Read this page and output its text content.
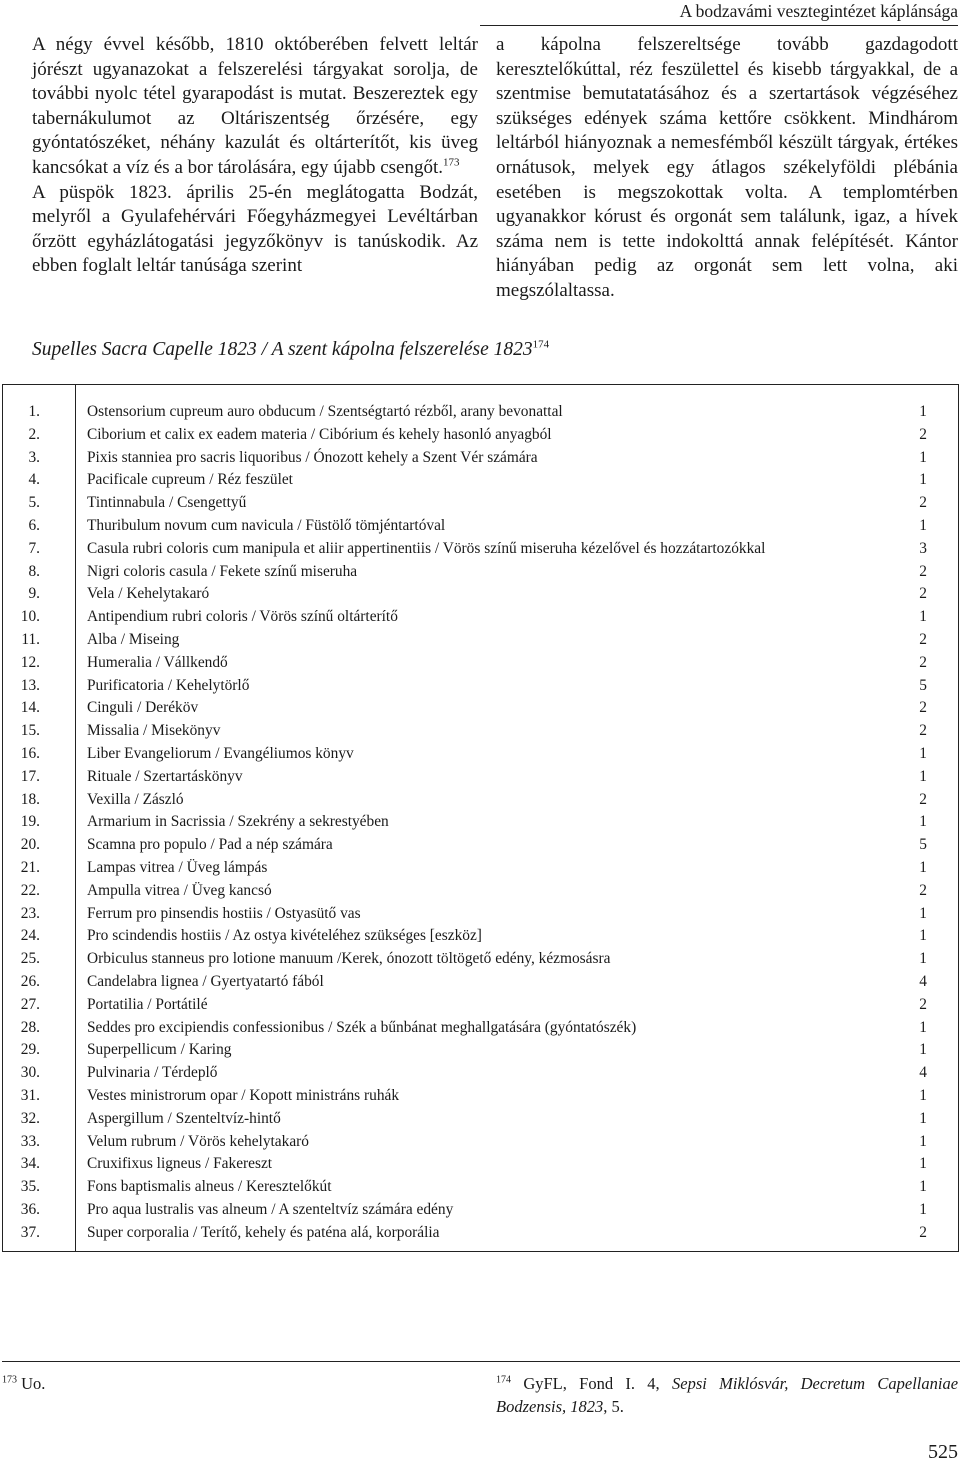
A bodzavámi vesztegintézet káplánsága

A négy évvel később, 1810 októberében felvett leltár jórészt ugyanazokat a felszerelési tárgyakat sorolja, de további nyolc tétel gyarapodást is mutat. Beszereztek egy tabernákulumot az Oltáriszentség őrzésére, egy gyóntatószéket, néhány kazulát és oltárterítőt, kis üveg kancsókat a víz és a bor tárolására, egy újabb csengőt.$^{173}$

A püspök 1823. április 25-én meglátogatta Bodzát, melyről a Gyulafehérvári Főegyházmegyei Levéltárban őrzött egyházlátogatási jegyzőkönyv is tanúskodik. Az ebben foglalt leltár tanúsága szerint

a kápolna felszereltsége tovább gazdagodott keresztelőkúttal, réz feszülettel és kisebb tárgyakkal, de a szentmise bemutatatásához és a szertartások végzéséhez szükséges edények száma kettőre csökkent. Mindhárom leltárból hiányoznak a nemesfémből készült tárgyak, értékes ornátusok, melyek egy átlagos székelyföldi plébánia esetében is megszokottak volta. A templomtérben ugyanakkor kórust és orgonát sem találunk, igaz, a hívek száma nem is tette indokolttá annak felépítését. Kántor hiányában pedig az orgonát sem lett volna, aki megszólaltassa.

Supelles Sacra Capelle 1823 / A szent kápolna felszerelése 1823$^{174}$
1.	Ostensorium cupreum auro obducum / Szentségtartó rézből, arany bevonattal	1
2.	Ciborium et calix ex eadem materia / Cibórium és kehely hasonló anyagból	2
3.	Pixis stanniea pro sacris liquoribus / Ónozott kehely a Szent Vér számára	1
4.	Pacificale cupreum / Réz feszület	1
5.	Tintinnabula / Csengettyű	2
6.	Thuribulum novum cum navicula / Füstölő tömjéntartóval	1
7.	Casula rubri coloris cum manipula et aliir appertinentiis / Vörös színű miseruha kézelővel és hozzátartozókkal	3
8.	Nigri coloris casula / Fekete színű miseruha	2
9.	Vela / Kehelytakaró	2
10.	Antipendium rubri coloris / Vörös színű oltárterítő	1
11.	Alba / Miseing	2
12.	Humeralia / Vállkendő	2
13.	Purificatoria / Kehelytörlő	5
14.	Cinguli / Deréköv	2
15.	Missalia / Misekönyv	2
16.	Liber Evangeliorum / Evangéliumos könyv	1
17.	Rituale / Szertartáskönyv	1
18.	Vexilla / Zászló	2
19.	Armarium in Sacrissia / Szekrény a sekrestyében	1
20.	Scamna pro populo / Pad a nép számára	5
21.	Lampas vitrea / Üveg lámpás	1
22.	Ampulla vitrea / Üveg kancsó	2
23.	Ferrum pro pinsendis hostiis / Ostyasütő vas	1
24.	Pro scindendis hostiis / Az ostya kivételéhez szükséges [eszköz]	1
25.	Orbiculus stanneus pro lotione manuum /Kerek, ónozott töltögető edény, kézmosásra	1
26.	Candelabra lignea / Gyertyatartó fából	4
27.	Portatilia / Portátilé	2
28.	Seddes pro excipiendis confessionibus / Szék a bűnbánat meghallgatására (gyóntatószék)	1
29.	Superpellicum / Karing	1
30.	Pulvinaria / Térdeplő	4
31.	Vestes ministrorum opar / Kopott ministráns ruhák	1
32.	Aspergillum / Szenteltvíz-hintő	1
33.	Velum rubrum / Vörös kehelytakaró	1
34.	Cruxifixus ligneus / Fakereszt	1
35.	Fons baptismalis alneus / Keresztelőkút	1
36.	Pro aqua lustralis vas alneum / A szenteltvíz számára edény	1
37.	Super corporalia / Terítő, kehely és paténa alá, korporália	2
$^{173}$ Uo.	$^{174}$ GyFL, Fond I. 4, Sepsi Miklósvár, Decretum Capellaniae Bodzensis, 1823, 5.
525
